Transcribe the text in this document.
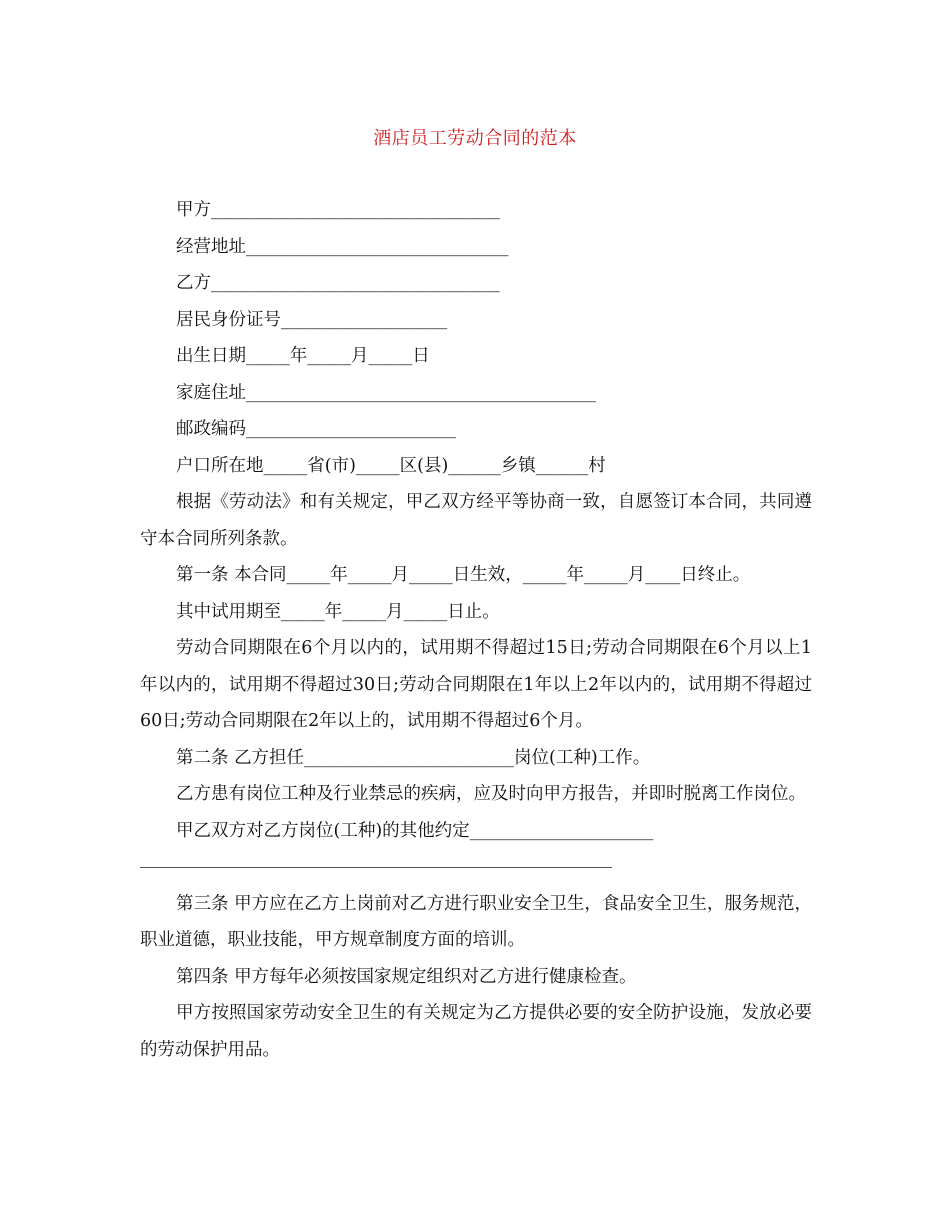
酒店员工劳动合同的范本

甲方_________________________________

经营地址______________________________

乙方_________________________________

居民身份证号___________________

出生日期_____年_____月_____日

家庭住址________________________________________

邮政编码________________________

户口所在地_____省(市)_____区(县)______乡镇______村

根据《劳动法》和有关规定，甲乙双方经平等协商一致，自愿签订本合同，共同遵守本合同所列条款。

第一条 本合同_____年_____月_____日生效，_____年_____月____日终止。

其中试用期至_____年_____月_____日止。

劳动合同期限在6个月以内的，试用期不得超过15日;劳动合同期限在6个月以上1年以内的，试用期不得超过30日;劳动合同期限在1年以上2年以内的，试用期不得超过60日;劳动合同期限在2年以上的，试用期不得超过6个月。

第二条 乙方担任________________________岗位(工种)工作。

乙方患有岗位工种及行业禁忌的疾病，应及时向甲方报告，并即时脱离工作岗位。

甲乙双方对乙方岗位(工种)的其他约定_____________________

第三条 甲方应在乙方上岗前对乙方进行职业安全卫生，食品安全卫生，服务规范，职业道德，职业技能，甲方规章制度方面的培训。

第四条 甲方每年必须按国家规定组织对乙方进行健康检查。

甲方按照国家劳动安全卫生的有关规定为乙方提供必要的安全防护设施，发放必要的劳动保护用品。
